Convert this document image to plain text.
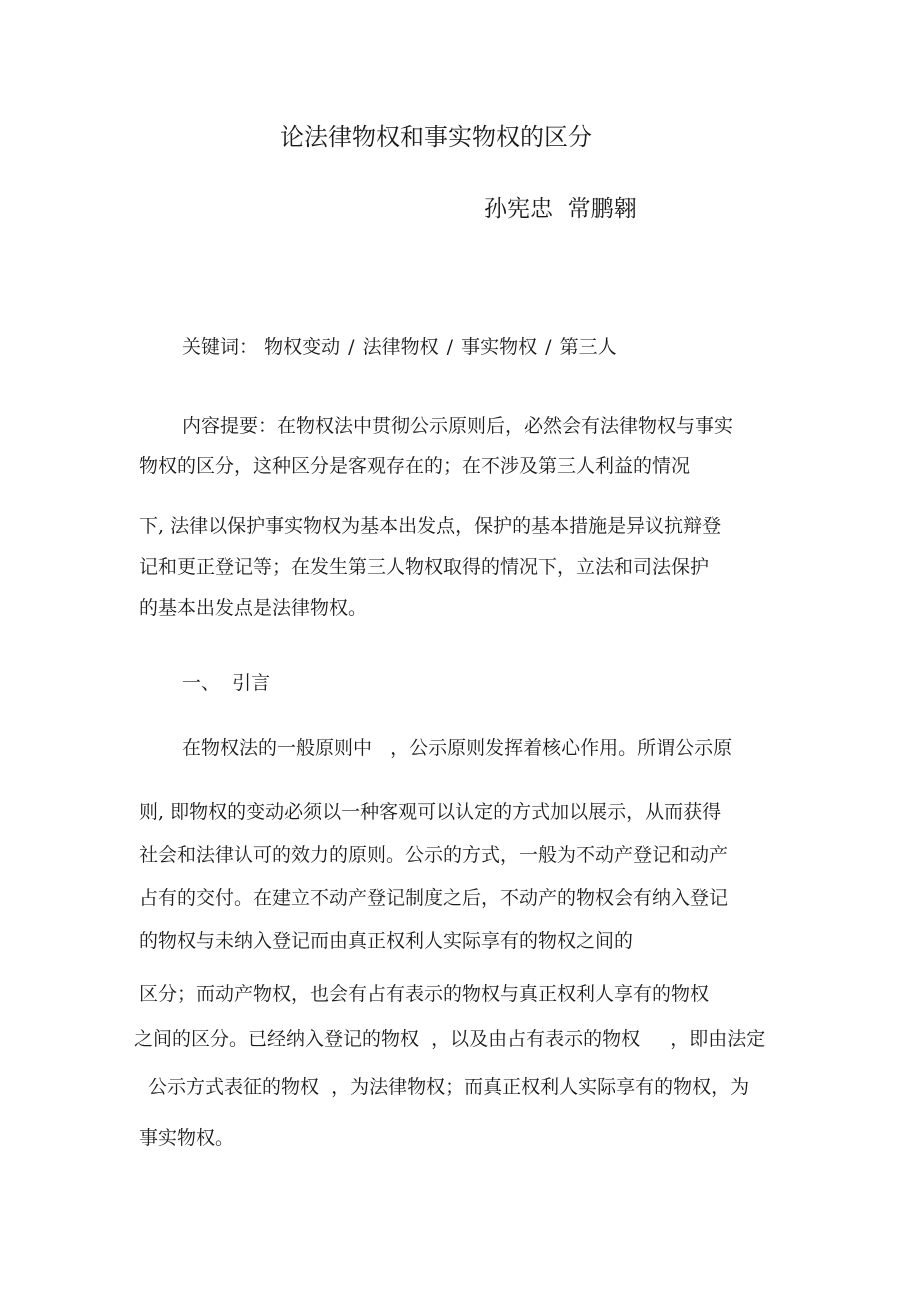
论法律物权和事实物权的区分
孙宪忠  常鹏翱
关键词： 物权变动 / 法律物权 / 事实物权 / 第三人
内容提要：在物权法中贯彻公示原则后，必然会有法律物权与事实
物权的区分，这种区分是客观存在的；在不涉及第三人利益的情况
下, 法律以保护事实物权为基本出发点，保护的基本措施是异议抗辩登
记和更正登记等；在发生第三人物权取得的情况下，立法和司法保护
的基本出发点是法律物权。
一、  引言
在物权法的一般原则中   ，公示原则发挥着核心作用。所谓公示原
则, 即物权的变动必须以一种客观可以认定的方式加以展示，从而获得
社会和法律认可的效力的原则。公示的方式，一般为不动产登记和动产
占有的交付。在建立不动产登记制度之后，不动产的物权会有纳入登记
的物权与未纳入登记而由真正权利人实际享有的物权之间的
区分；而动产物权，也会有占有表示的物权与真正权利人享有的物权
之间的区分。已经纳入登记的物权  ，以及由占有表示的物权     ，即由法定
公示方式表征的物权  ，为法律物权；而真正权利人实际享有的物权，为
事实物权。
